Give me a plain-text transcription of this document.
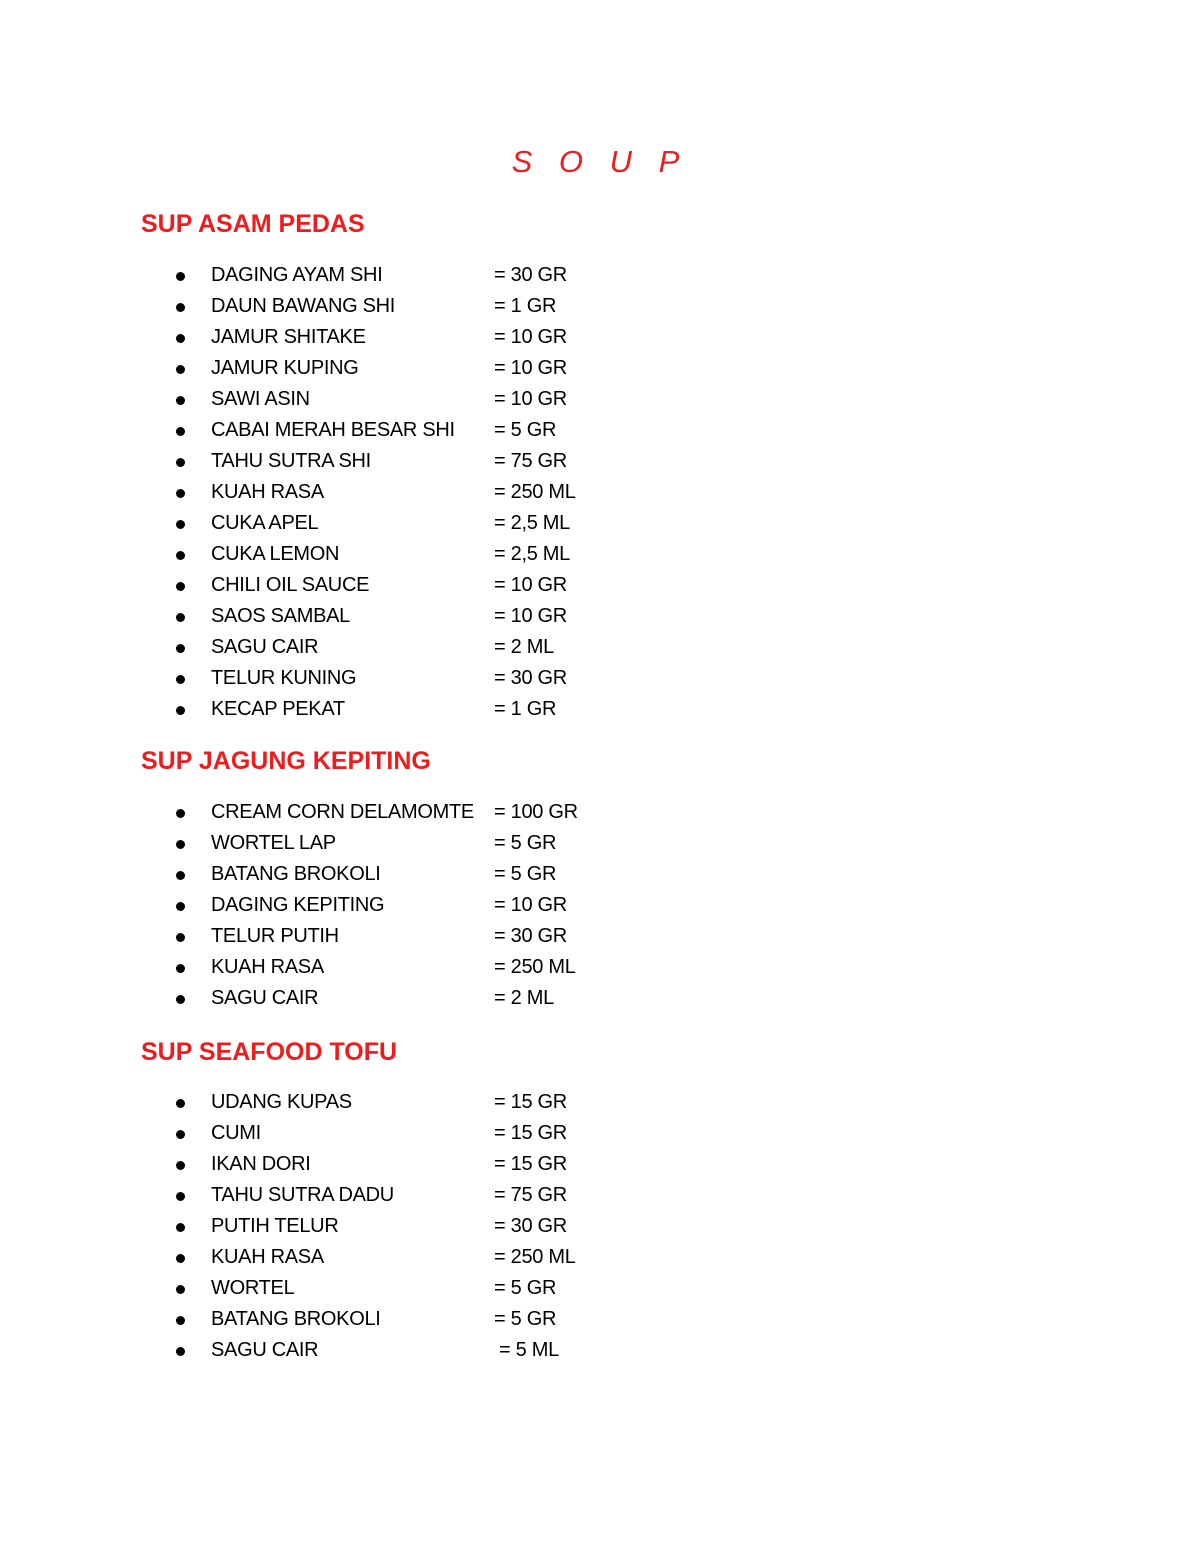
S O U P
SUP ASAM PEDAS
DAGING AYAM SHI	= 30 GR
DAUN BAWANG SHI	= 1 GR
JAMUR SHITAKE	= 10 GR
JAMUR KUPING	= 10 GR
SAWI ASIN	= 10 GR
CABAI MERAH BESAR SHI = 5 GR
TAHU SUTRA SHI	= 75 GR
KUAH RASA	= 250 ML
CUKA APEL	= 2,5 ML
CUKA LEMON	= 2,5 ML
CHILI OIL SAUCE	= 10 GR
SAOS SAMBAL	= 10 GR
SAGU CAIR	= 2 ML
TELUR KUNING	= 30 GR
KECAP PEKAT	= 1 GR
SUP JAGUNG KEPITING
CREAM CORN DELAMOMTE = 100 GR
WORTEL LAP	= 5 GR
BATANG BROKOLI	= 5 GR
DAGING KEPITING	= 10 GR
TELUR PUTIH	= 30 GR
KUAH RASA	= 250 ML
SAGU CAIR	= 2 ML
SUP SEAFOOD TOFU
UDANG KUPAS	= 15 GR
CUMI	= 15 GR
IKAN DORI	= 15 GR
TAHU SUTRA DADU	= 75 GR
PUTIH TELUR	= 30 GR
KUAH RASA	= 250 ML
WORTEL	= 5 GR
BATANG BROKOLI	= 5 GR
SAGU CAIR	= 5 ML
